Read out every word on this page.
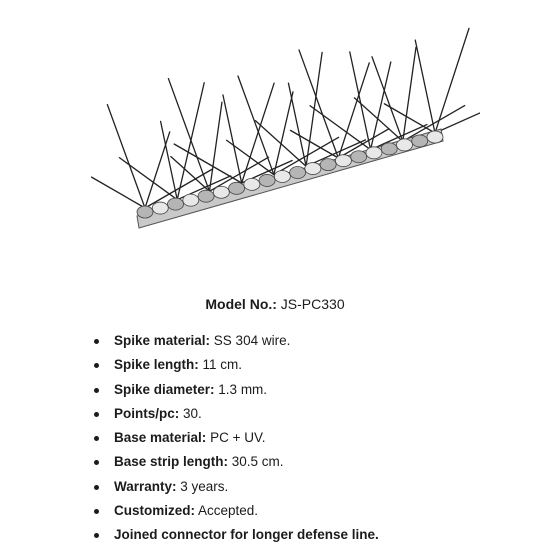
Model No.: JS-PC330
Spike material: SS 304 wire.
Spike length: 11 cm.
Spike diameter: 1.3 mm.
Points/pc: 30.
Base material: PC + UV.
Base strip length: 30.5 cm.
Warranty: 3 years.
Customized: Accepted.
Joined connector for longer defense line.
